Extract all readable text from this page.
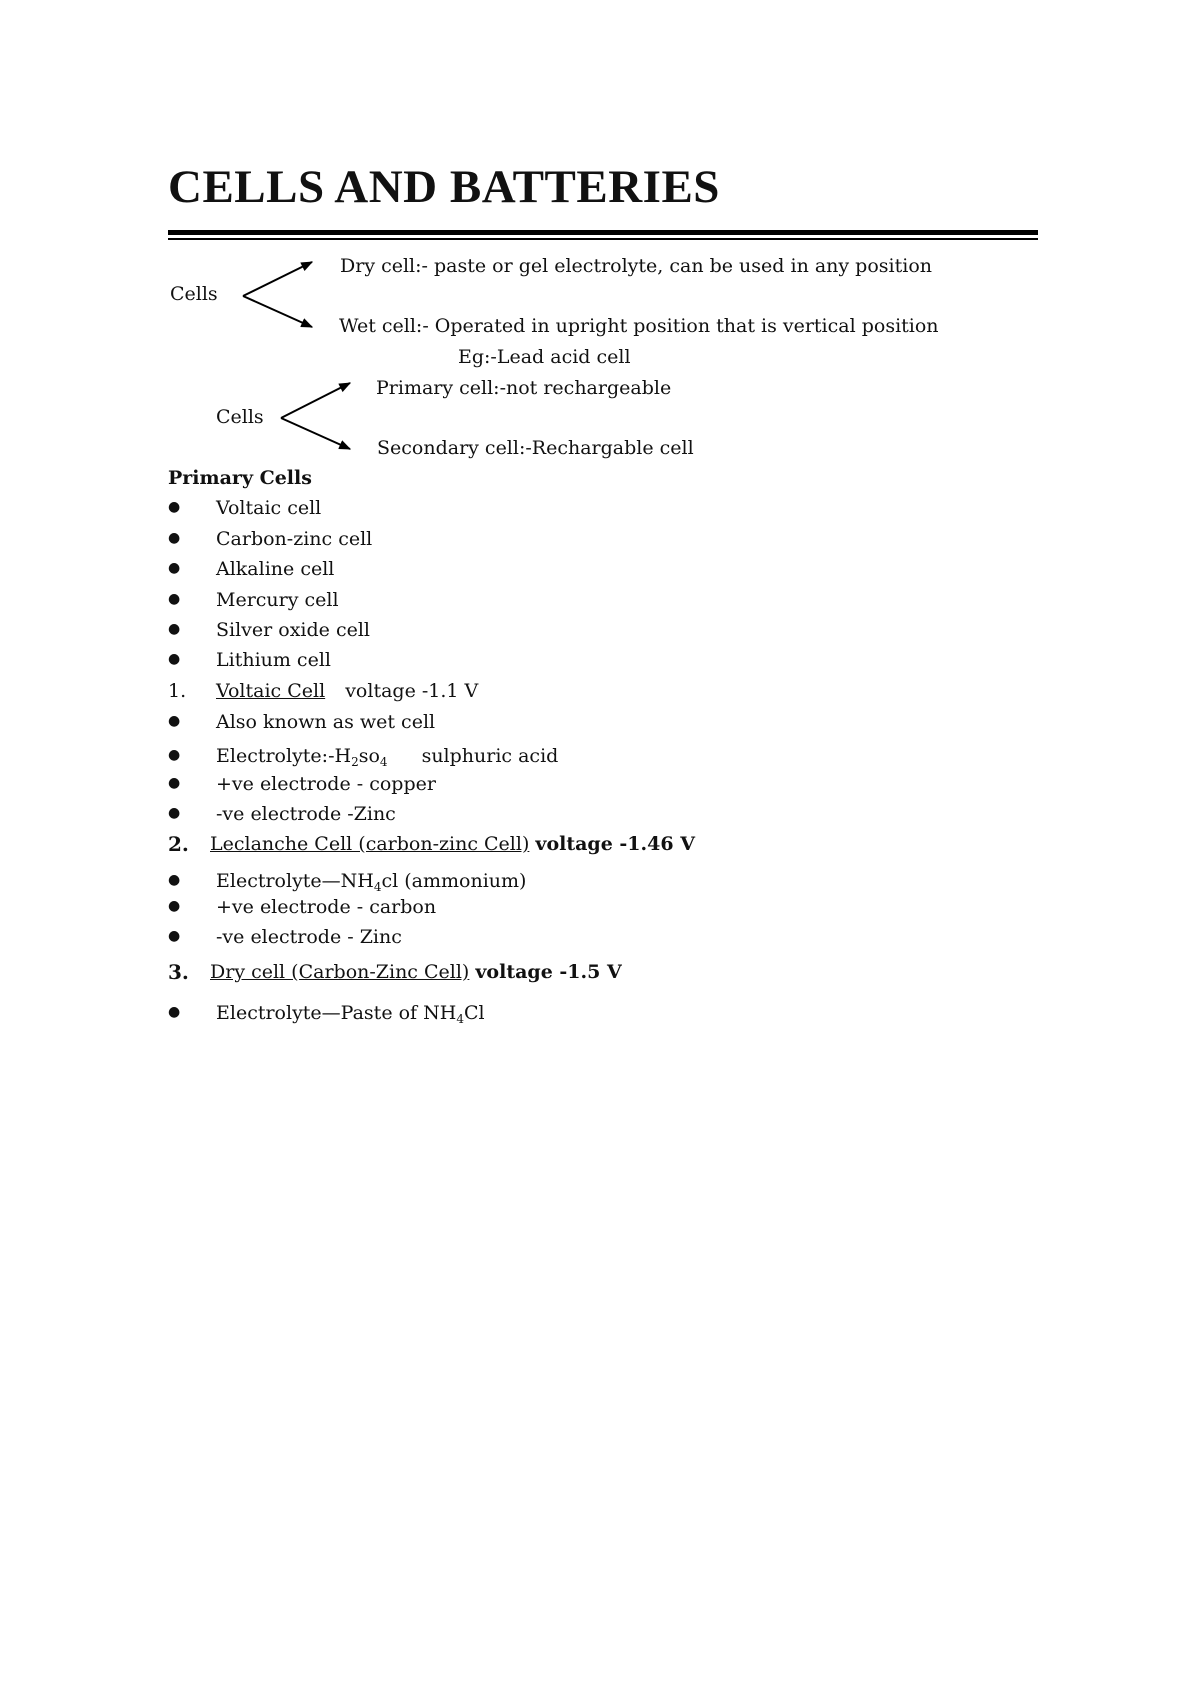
CELLS AND BATTERIES
Cells
Dry cell:- paste or gel electrolyte, can be used in any position
Wet cell:- Operated in upright position that is vertical position
Eg:-Lead acid cell
Cells
Primary cell:-not rechargeable
Secondary cell:-Rechargable cell
Primary Cells
● Voltaic cell
● Carbon-zinc cell
● Alkaline cell
● Mercury cell
● Silver oxide cell
● Lithium cell
1. Voltaic Cell voltage -1.1 V
● Also known as wet cell
● $Electrolyte:-H_2so_4$ sulphuric acid
● +ve electrode - copper
● -ve electrode -Zinc
2. Leclanche Cell (carbon-zinc Cell) voltage -1.46 V
● $Electrolyte—NH_4cl$ (ammonium)
● +ve electrode - carbon
● -ve electrode - Zinc
3. Dry cell (Carbon-Zinc Cell) voltage -1.5 V
● Electrolyte—Paste of $NH_4Cl$
